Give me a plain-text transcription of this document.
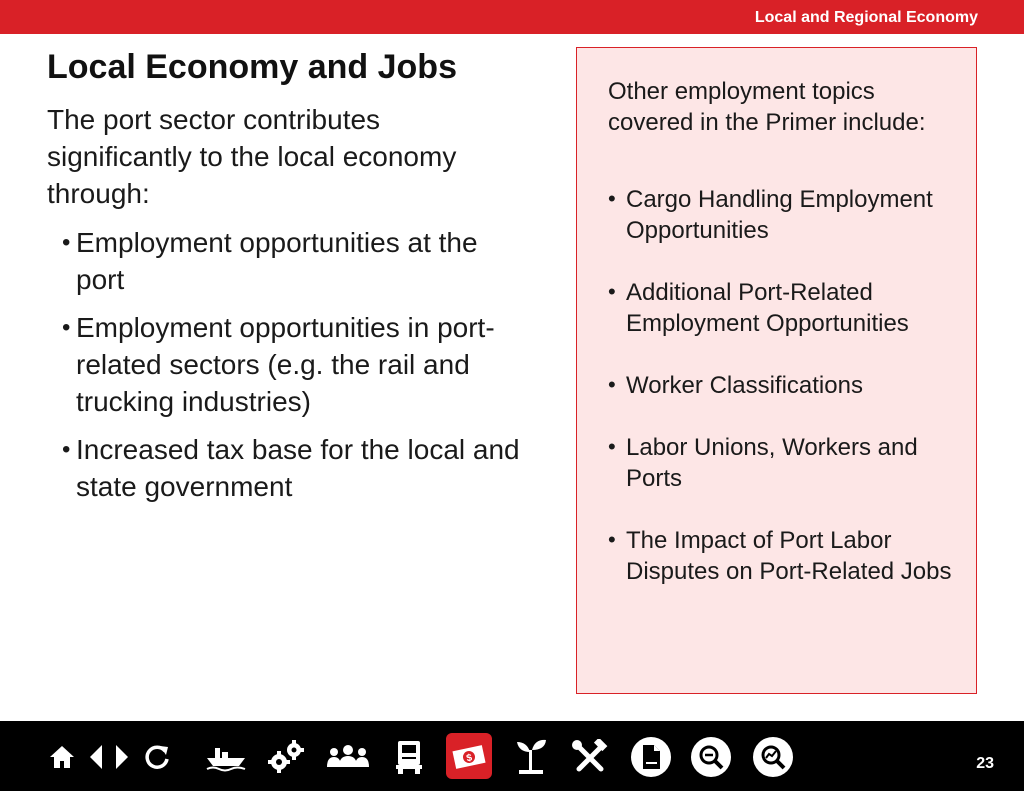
Local and Regional Economy
Local Economy and Jobs
The port sector contributes significantly to the local economy through:
• Employment opportunities at the port
• Employment opportunities in port-related sectors (e.g. the rail and trucking industries)
• Increased tax base for the local and state government
Other employment topics covered in the Primer include:
• Cargo Handling Employment Opportunities
• Additional Port-Related Employment Opportunities
• Worker Classifications
• Labor Unions, Workers and Ports
• The Impact of Port Labor Disputes on Port-Related Jobs
$	23
